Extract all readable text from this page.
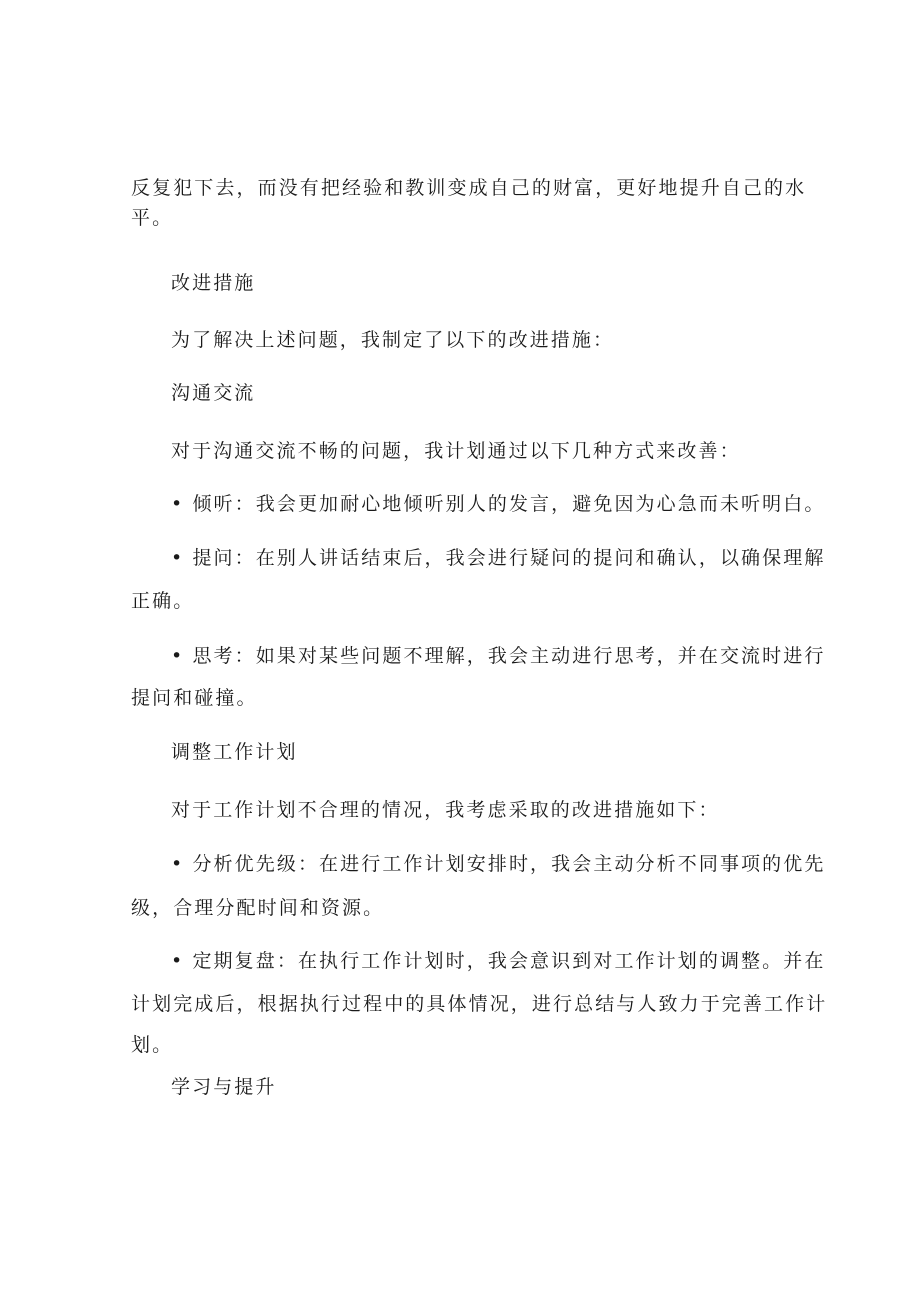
反复犯下去，而没有把经验和教训变成自己的财富，更好地提升自己的水
平。
改进措施
为了解决上述问题，我制定了以下的改进措施：
沟通交流
对于沟通交流不畅的问题，我计划通过以下几种方式来改善：
• 倾听：我会更加耐心地倾听别人的发言，避免因为心急而未听明白。
• 提问：在别人讲话结束后，我会进行疑问的提问和确认，以确保理解
正确。
• 思考：如果对某些问题不理解，我会主动进行思考，并在交流时进行
提问和碰撞。
调整工作计划
对于工作计划不合理的情况，我考虑采取的改进措施如下：
• 分析优先级：在进行工作计划安排时，我会主动分析不同事项的优先
级，合理分配时间和资源。
• 定期复盘：在执行工作计划时，我会意识到对工作计划的调整。并在
计划完成后，根据执行过程中的具体情况，进行总结与人致力于完善工作计
划。
学习与提升
